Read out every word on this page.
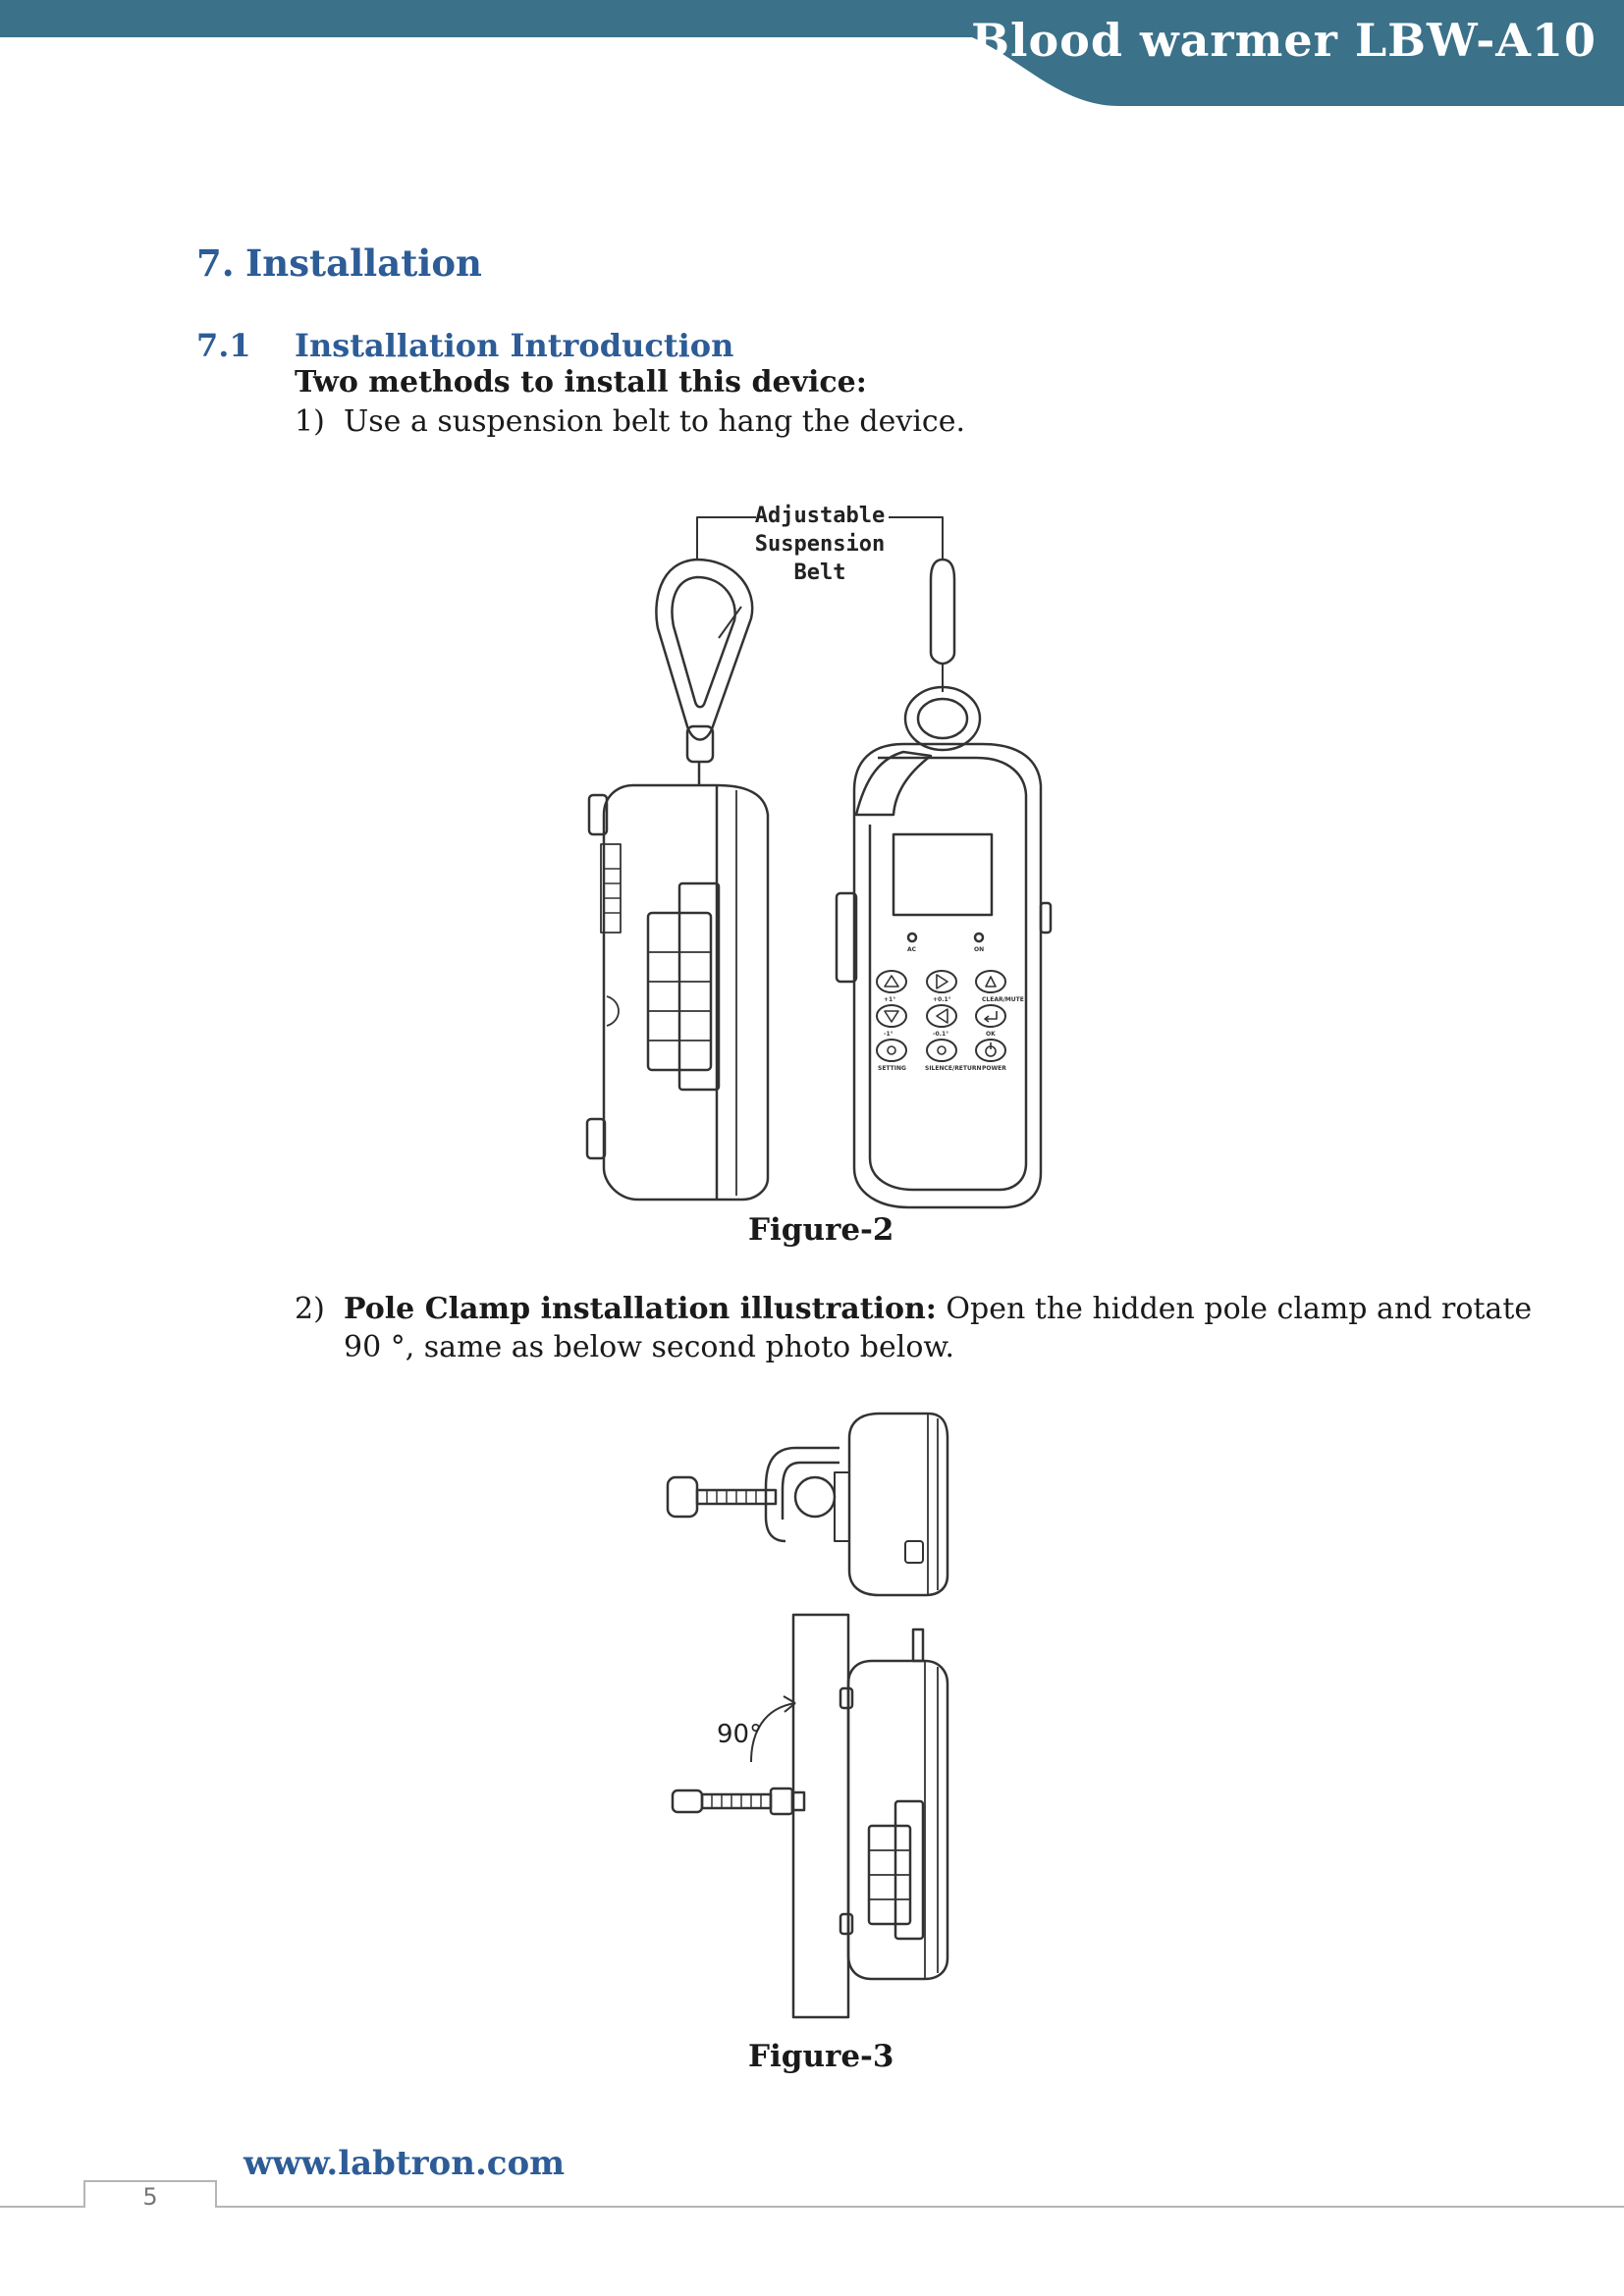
Blood warmer LBW-A10
7. Installation
7.1 Installation Introduction
Two methods to install this device:
1) Use a suspension belt to hang the device.
Adjustable
Suspension
Belt
AC	ON
+1°	+0.1°	CLEAR/MUTE
-1°	-0.1°	OK
SETTING	SILENCE/RETURN POWER
Figure-2
2) Pole Clamp installation illustration: Open the hidden pole clamp and rotate
90 °, same as below second photo below.
90°
Figure-3
www.labtron.com
5
